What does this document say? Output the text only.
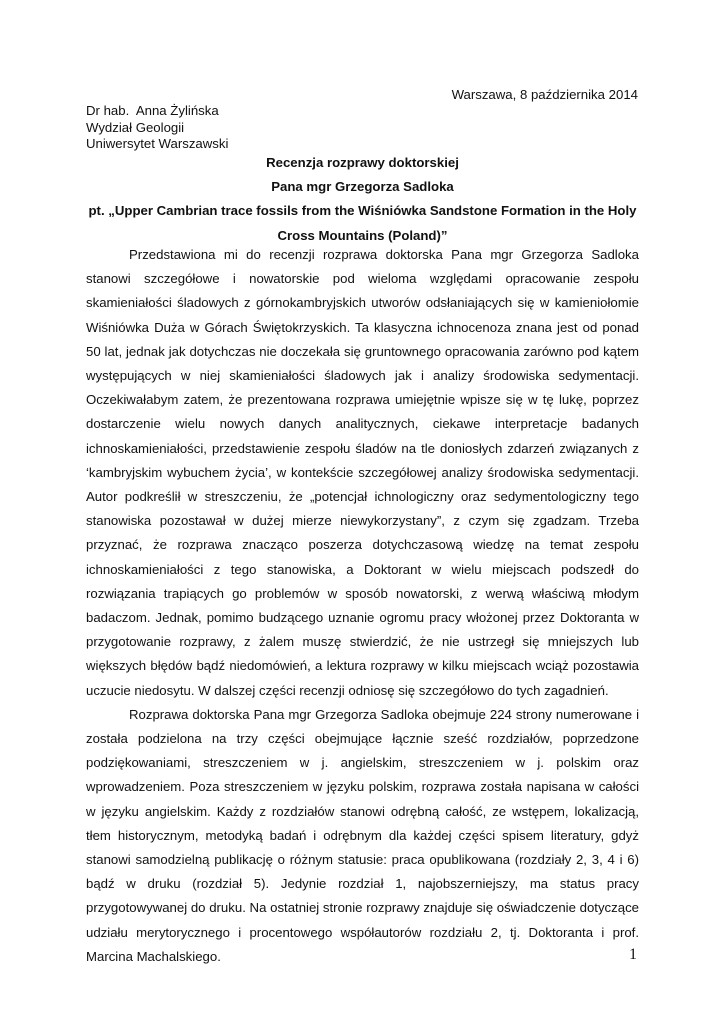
Warszawa, 8 października 2014
Dr hab.  Anna Żylińska
Wydział Geologii
Uniwersytet Warszawski
Recenzja rozprawy doktorskiej
Pana mgr Grzegorza Sadloka
pt. „Upper Cambrian trace fossils from the Wiśniówka Sandstone Formation in the Holy Cross Mountains (Poland)”

Przedstawiona mi do recenzji rozprawa doktorska Pana mgr Grzegorza Sadloka stanowi szczegółowe i nowatorskie pod wieloma względami opracowanie zespołu skamieniałości śladowych z górnokambryjskich utworów odsłaniających się w kamieniołomie Wiśniówka Duża w Górach Świętokrzyskich. Ta klasyczna ichnocenoza znana jest od ponad 50 lat, jednak jak dotychczas nie doczekała się gruntownego opracowania zarówno pod kątem występujących w niej skamieniałości śladowych jak i analizy środowiska sedymentacji. Oczekiwałabym zatem, że prezentowana rozprawa umiejętnie wpisze się w tę lukę, poprzez dostarczenie wielu nowych danych analitycznych, ciekawe interpretacje badanych ichnoskamieniałości, przedstawienie zespołu śladów na tle doniosłych zdarzeń związanych z ‘kambryjskim wybuchem życia’, w kontekście szczegółowej analizy środowiska sedymentacji. Autor podkreślił w streszczeniu, że „potencjał ichnologiczny oraz sedymentologiczny tego stanowiska pozostawał w dużej mierze niewykorzystany”, z czym się zgadzam. Trzeba przyznać, że rozprawa znacząco poszerza dotychczasową wiedzę na temat zespołu ichnoskamieniałości z tego stanowiska, a Doktorant w wielu miejscach podszedł do rozwiązania trapiących go problemów w sposób nowatorski, z werwą właściwą młodym badaczom. Jednak, pomimo budzącego uznanie ogromu pracy włożonej przez Doktoranta w przygotowanie rozprawy, z żalem muszę stwierdzić, że nie ustrzegł się mniejszych lub większych błędów bądź niedomówień, a lektura rozprawy w kilku miejscach wciąż pozostawia uczucie niedosytu. W dalszej części recenzji odniosę się szczegółowo do tych zagadnień.

Rozprawa doktorska Pana mgr Grzegorza Sadloka obejmuje 224 strony numerowane i została podzielona na trzy części obejmujące łącznie sześć rozdziałów, poprzedzone podziękowaniami, streszczeniem w j. angielskim, streszczeniem w j. polskim oraz wprowadzeniem. Poza streszczeniem w języku polskim, rozprawa została napisana w całości w języku angielskim. Każdy z rozdziałów stanowi odrębną całość, ze wstępem, lokalizacją, tłem historycznym, metodyką badań i odrębnym dla każdej części spisem literatury, gdyż stanowi samodzielną publikację o różnym statusie: praca opublikowana (rozdziały 2, 3, 4 i 6) bądź w druku (rozdział 5). Jedynie rozdział 1, najobszerniejszy, ma status pracy przygotowywanej do druku. Na ostatniej stronie rozprawy znajduje się oświadczenie dotyczące udziału merytorycznego i procentowego współautorów rozdziału 2, tj. Doktoranta i prof. Marcina Machalskiego.	1
